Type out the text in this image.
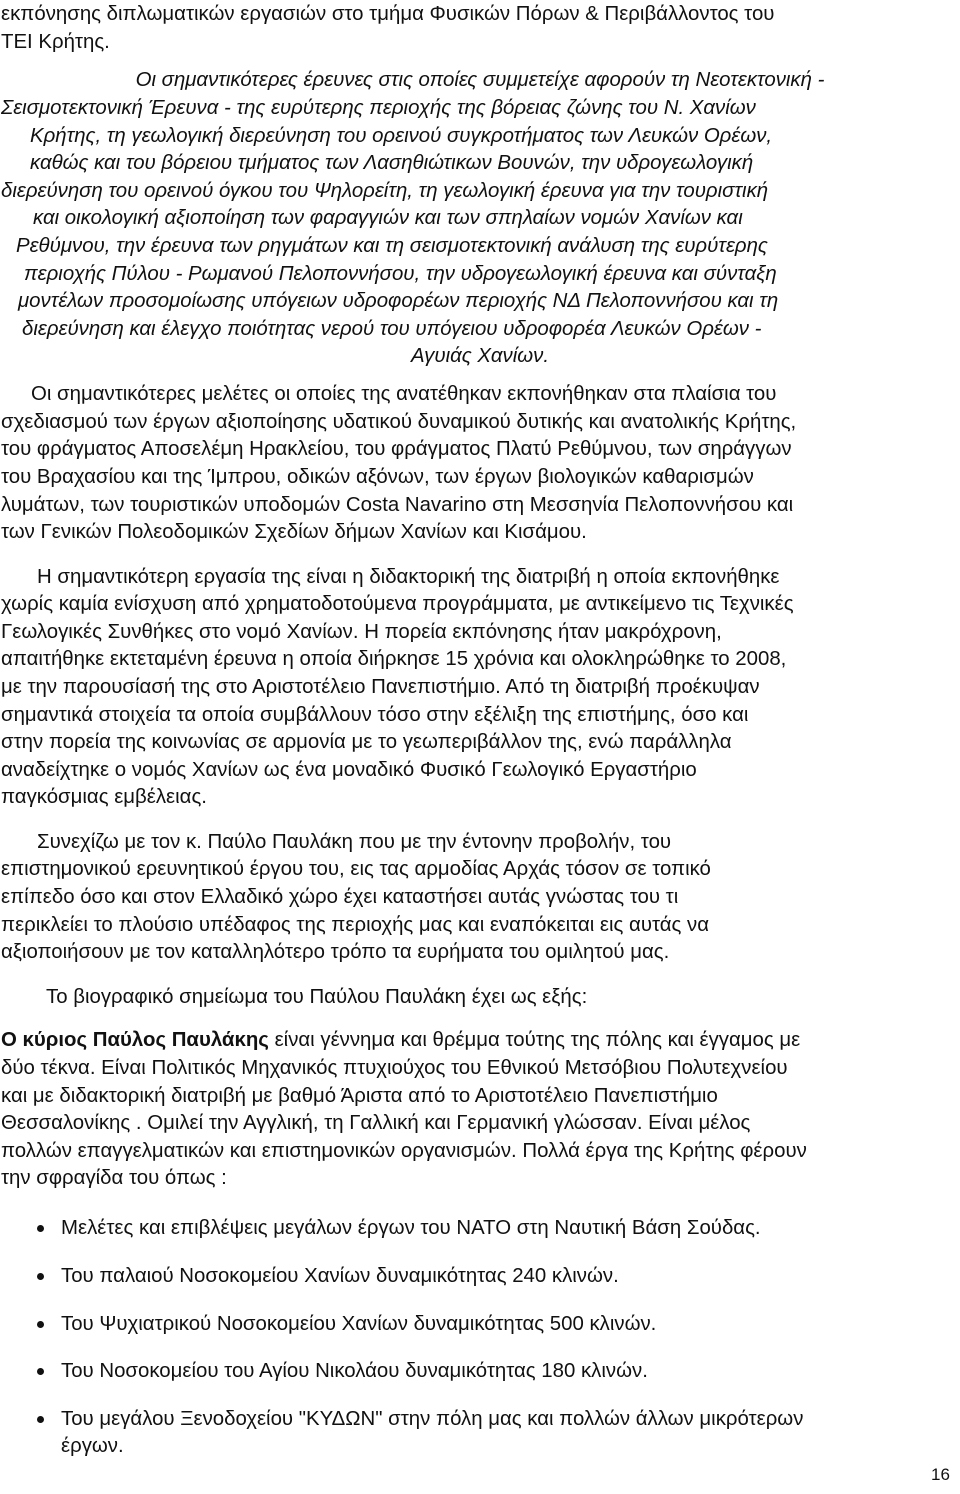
εκπόνησης διπλωματικών εργασιών στο τμήμα Φυσικών Πόρων & Περιβάλλοντος του
ΤΕΙ Κρήτης.
Οι σημαντικότερες έρευνες στις οποίες συμμετείχε αφορούν τη Νεοτεκτονική -
Σεισμοτεκτονική Έρευνα - της ευρύτερης περιοχής της βόρειας ζώνης του Ν. Χανίων
Κρήτης, τη γεωλογική διερεύνηση του ορεινού συγκροτήματος των Λευκών Ορέων,
καθώς και του βόρειου τμήματος των Λασηθιώτικων Βουνών, την υδρογεωλογική
διερεύνηση του ορεινού όγκου του Ψηλορείτη, τη γεωλογική έρευνα για την τουριστική
και οικολογική αξιοποίηση των φαραγγιών και των σπηλαίων νομών Χανίων και
Ρεθύμνου, την έρευνα των ρηγμάτων και τη σεισμοτεκτονική ανάλυση της ευρύτερης
περιοχής Πύλου - Ρωμανού Πελοποννήσου, την υδρογεωλογική έρευνα και σύνταξη
μοντέλων προσομοίωσης υπόγειων υδροφορέων περιοχής ΝΔ Πελοποννήσου και τη
διερεύνηση και έλεγχο ποιότητας νερού του υπόγειου υδροφορέα Λευκών Ορέων -
Αγυιάς Χανίων.
Οι σημαντικότερες μελέτες οι οποίες της ανατέθηκαν εκπονήθηκαν στα πλαίσια του
σχεδιασμού των έργων αξιοποίησης υδατικού δυναμικού δυτικής και ανατολικής Κρήτης,
του φράγματος Αποσελέμη Ηρακλείου, του φράγματος Πλατύ Ρεθύμνου, των σηράγγων
του Βραχασίου και της Ίμπρου, οδικών αξόνων, των έργων βιολογικών καθαρισμών
λυμάτων, των τουριστικών υποδομών Costa Navarino στη Μεσσηνία Πελοποννήσου και
των Γενικών Πολεοδομικών Σχεδίων δήμων Χανίων και Κισάμου.
Η σημαντικότερη εργασία της είναι η διδακτορική της διατριβή η οποία εκπονήθηκε
χωρίς καμία ενίσχυση από χρηματοδοτούμενα προγράμματα, με αντικείμενο τις Τεχνικές
Γεωλογικές Συνθήκες στο νομό Χανίων. Η πορεία εκπόνησης ήταν μακρόχρονη,
απαιτήθηκε εκτεταμένη έρευνα η οποία διήρκησε 15 χρόνια και ολοκληρώθηκε το 2008,
με την παρουσίασή της στο Αριστοτέλειο Πανεπιστήμιο. Από τη διατριβή προέκυψαν
σημαντικά στοιχεία τα οποία συμβάλλουν τόσο στην εξέλιξη της επιστήμης, όσο και
στην πορεία της κοινωνίας σε αρμονία με το γεωπεριβάλλον της, ενώ παράλληλα
αναδείχτηκε ο νομός Χανίων ως ένα μοναδικό Φυσικό Γεωλογικό Εργαστήριο
παγκόσμιας εμβέλειας.
Συνεχίζω με τον κ. Παύλο Παυλάκη που με την έντονην προβολήν, του
επιστημονικού ερευνητικού έργου του, εις τας αρμοδίας Αρχάς τόσον σε τοπικό
επίπεδο όσο και στον Ελλαδικό χώρο έχει καταστήσει αυτάς γνώστας του τι
περικλείει το πλούσιο υπέδαφος της περιοχής μας και εναπόκειται εις αυτάς να
αξιοποιήσουν με τον καταλληλότερο τρόπο τα ευρήματα του ομιλητού μας.
Το βιογραφικό σημείωμα του Παύλου Παυλάκη έχει ως εξής:
Ο κύριος Παύλος Παυλάκης είναι γέννημα και θρέμμα τούτης της πόλης και έγγαμος με
δύο τέκνα. Είναι Πολιτικός Μηχανικός πτυχιούχος του Εθνικού Μετσόβιου Πολυτεχνείου
και με διδακτορική διατριβή με βαθμό Άριστα από το Αριστοτέλειο Πανεπιστήμιο
Θεσσαλονίκης . Ομιλεί την Αγγλική, τη Γαλλική και Γερμανική γλώσσαν. Είναι μέλος
πολλών επαγγελματικών και επιστημονικών οργανισμών. Πολλά έργα της Κρήτης φέρουν
την σφραγίδα του όπως :
Μελέτες και επιβλέψεις μεγάλων έργων του ΝΑΤΟ στη Ναυτική Βάση Σούδας.
Του παλαιού Νοσοκομείου Χανίων δυναμικότητας 240 κλινών.
Του Ψυχιατρικού Νοσοκομείου Χανίων δυναμικότητας 500 κλινών.
Του Νοσοκομείου του Αγίου Νικολάου δυναμικότητας 180 κλινών.
Του μεγάλου Ξενοδοχείου "ΚΥΔΩΝ" στην πόλη μας και πολλών άλλων μικρότερων
έργων.
16
